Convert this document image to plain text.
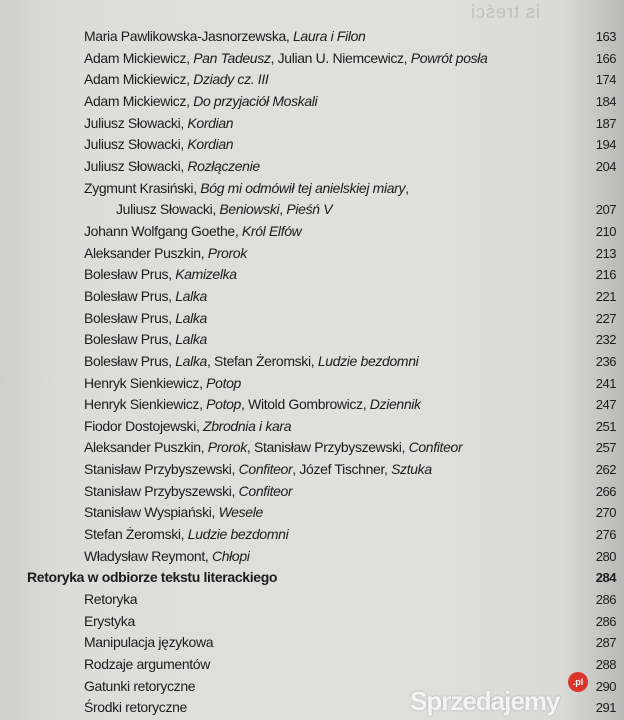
is treści
Maria Pawlikowska-Jasnorzewska, Laura i Filon	163
Adam Mickiewicz, Pan Tadeusz, Julian U. Niemcewicz, Powrót posła	166
Adam Mickiewicz, Dziady cz. III	174
Adam Mickiewicz, Do przyjaciół Moskali	184
Juliusz Słowacki, Kordian	187
Juliusz Słowacki, Kordian	194
Juliusz Słowacki, Rozłączenie	204
Zygmunt Krasiński, Bóg mi odmówił tej anielskiej miary,
Juliusz Słowacki, Beniowski, Pieśń V	207
Johann Wolfgang Goethe, Król Elfów	210
Aleksander Puszkin, Prorok	213
Bolesław Prus, Kamizelka	216
Bolesław Prus, Lalka	221
Bolesław Prus, Lalka	227
Bolesław Prus, Lalka	232
Bolesław Prus, Lalka, Stefan Żeromski, Ludzie bezdomni	236
Henryk Sienkiewicz, Potop	241
Henryk Sienkiewicz, Potop, Witold Gombrowicz, Dziennik	247
Fiodor Dostojewski, Zbrodnia i kara	251
Aleksander Puszkin, Prorok, Stanisław Przybyszewski, Confiteor	257
Stanisław Przybyszewski, Confiteor, Józef Tischner, Sztuka	262
Stanisław Przybyszewski, Confiteor	266
Stanisław Wyspiański, Wesele	270
Stefan Żeromski, Ludzie bezdomni	276
Władysław Reymont, Chłopi	280
Retoryka w odbiorze tekstu literackiego	284
Retoryka	286
Erystyka	286
Manipulacja językowa	287
Rodzaje argumentów	288
Gatunki retoryczne	290
Środki retoryczne	291
Sprzedajemy
.pl
